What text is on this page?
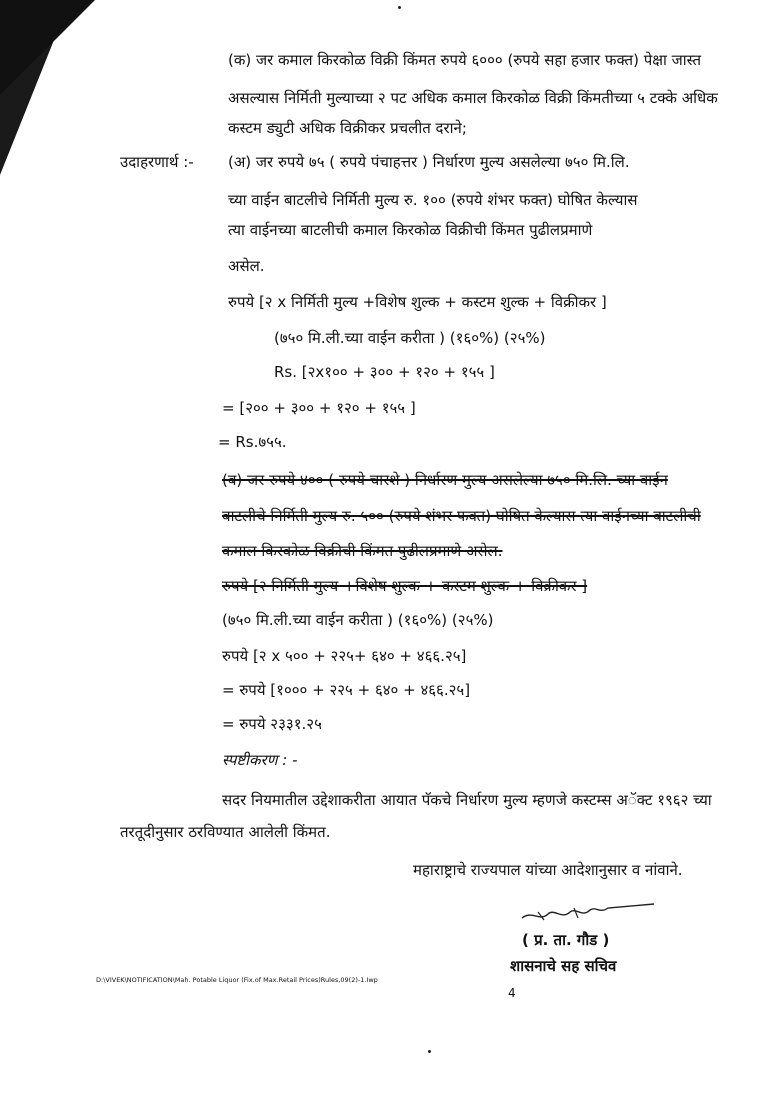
(क) जर कमाल किरकोळ विक्री किंमत रुपये ६००० (रुपये सहा हजार फक्त) पेक्षा जास्त
असल्यास निर्मिती मुल्याच्या २ पट अधिक कमाल किरकोळ विक्री किंमतीच्या ५ टक्के अधिक
कस्टम ड्युटी अधिक विक्रीकर प्रचलीत दराने;
उदाहरणार्थ :- (अ) जर रुपये ७५ ( रुपये पंचाहत्तर ) निर्धारण मुल्य असलेल्या ७५० मि.लि.
च्या वाईन बाटलीचे निर्मिती मुल्य रु. १०० (रुपये शंभर फक्त) घोषित केल्यास
त्या वाईनच्या बाटलीची कमाल किरकोळ विक्रीची किंमत पुढीलप्रमाणे
असेल.
रुपये [२ x निर्मिती मुल्य +विशेष शुल्क + कस्टम शुल्क + विक्रीकर ]
(७५० मि.ली.च्या वाईन करीता ) (१६०%) (२५%)
Rs. [२x१०० + ३०० + १२० + १५५ ]
= [२०० + ३०० + १२० + १५५ ]
= Rs.७५५.
(ब) जर रुपये ४०० ( रुपये चारशे ) निर्धारण मुल्य असलेल्या ७५० मि.लि. च्या वाईन
बाटलीचे निर्मिती मुल्य रु. ५०० (रुपये शंभर फक्त) घोषित केल्यास त्या वाईनच्या बाटलीची
कमाल किरकोळ विक्रीची किंमत पुढीलप्रमाणे असेल.
रुपये [२ निर्मिती मुल्य +विशेष शुल्क + कस्टम शुल्क + विक्रीकर ]
(७५० मि.ली.च्या वाईन करीता ) (१६०%) (२५%)
रुपये [२ x ५०० + २२५+ ६४० + ४६६.२५]
= रुपये [१००० + २२५ + ६४० + ४६६.२५]
= रुपये २३३१.२५
स्पष्टीकरण : -
सदर नियमातील उद्देशाकरीता आयात पॅकचे निर्धारण मुल्य म्हणजे कस्टम्स अॅक्ट १९६२ च्या
तरतूदीनुसार ठरविण्यात आलेली किंमत.
महाराष्ट्राचे राज्यपाल यांच्या आदेशानुसार व नांवाने.
( प्र. ता. गौड )
शासनाचे सह सचिव
D:\VIVEK\NOTIFICATION\Mah. Potable Liquor (Fix.of Max.Retail Prices)Rules,09(2)-1.Iwp
4
